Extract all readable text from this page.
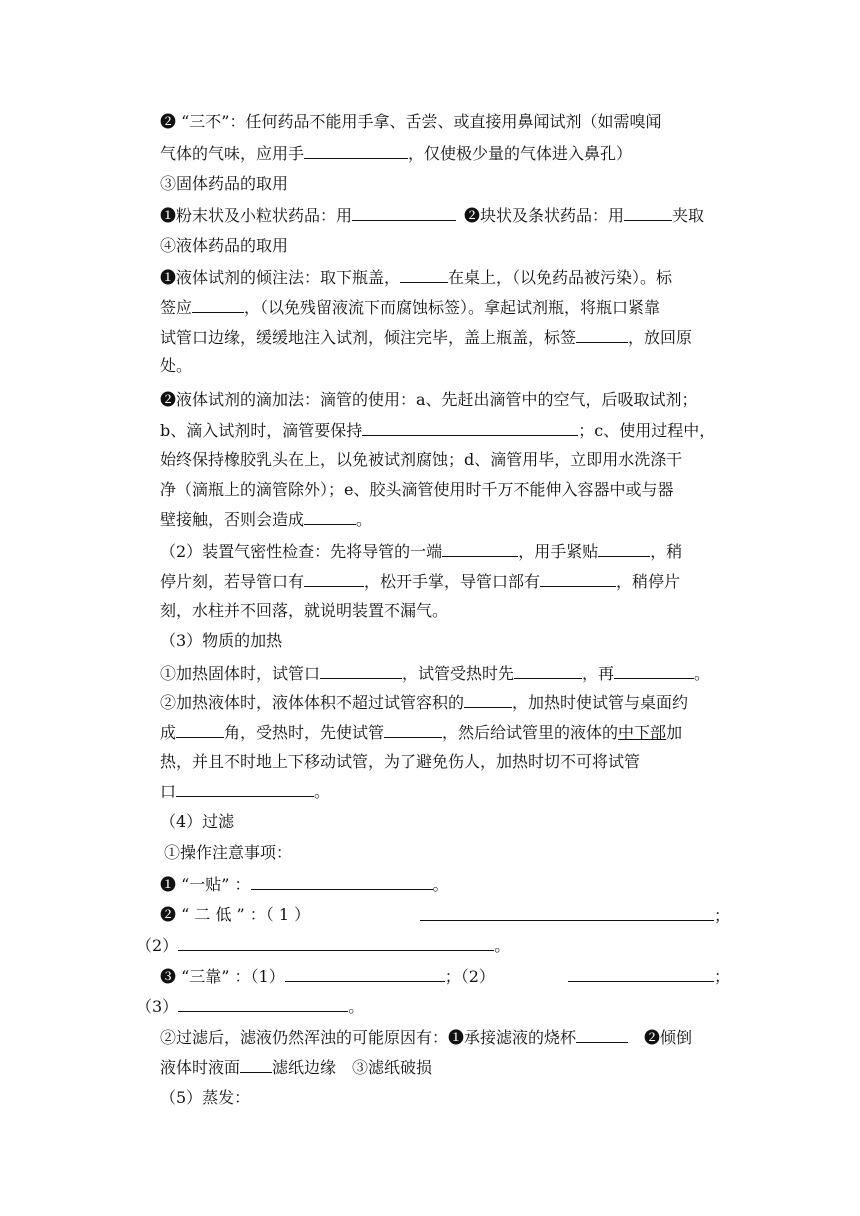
❷ “三不”：任何药品不能用手拿、舌尝、或直接用鼻闻试剂（如需嗅闻
气体的气味，应用手	，仅使极少量的气体进入鼻孔）
③固体药品的取用
❶粉末状及小粒状药品：用	❷块状及条状药品：用	夹取
④液体药品的取用
❶液体试剂的倾注法：取下瓶盖，	在桌上，（以免药品被污染）。标
签应	，（以免残留液流下而腐蚀标签）。拿起试剂瓶，将瓶口紧靠
试管口边缘，缓缓地注入试剂，倾注完毕，盖上瓶盖，标签	，放回原
处。
❷液体试剂的滴加法：滴管的使用：a、先赶出滴管中的空气，后吸取试剂；
b、滴入试剂时，滴管要保持	；c、使用过程中，
始终保持橡胶乳头在上，以免被试剂腐蚀；d、滴管用毕，立即用水洗涤干
净（滴瓶上的滴管除外）；e、胶头滴管使用时千万不能伸入容器中或与器
壁接触，否则会造成	。
（2）装置气密性检查：先将导管的一端	，用手紧贴	，稍
停片刻，若导管口有	，松开手掌，导管口部有	，稍停片
刻，水柱并不回落，就说明装置不漏气。
（3）物质的加热
①加热固体时，试管口	，试管受热时先	，再	。
②加热液体时，液体体积不超过试管容积的	，加热时使试管与桌面约
成	角，受热时，先使试管	，然后给试管里的液体的中下部加
热，并且不时地上下移动试管，为了避免伤人，加热时切不可将试管
口	。
（4）过滤
①操作注意事项：
❶ “一贴” ：	。
❷ “ 二 低 ” ：（ 1 ）	；
（2）	。
❸ “三靠” ：（1）	；（2）	；
（3）	。
②过滤后，滤液仍然浑浊的可能原因有：❶承接滤液的烧杯	❷倾倒
液体时液面 滤纸边缘　③滤纸破损
（5）蒸发：
